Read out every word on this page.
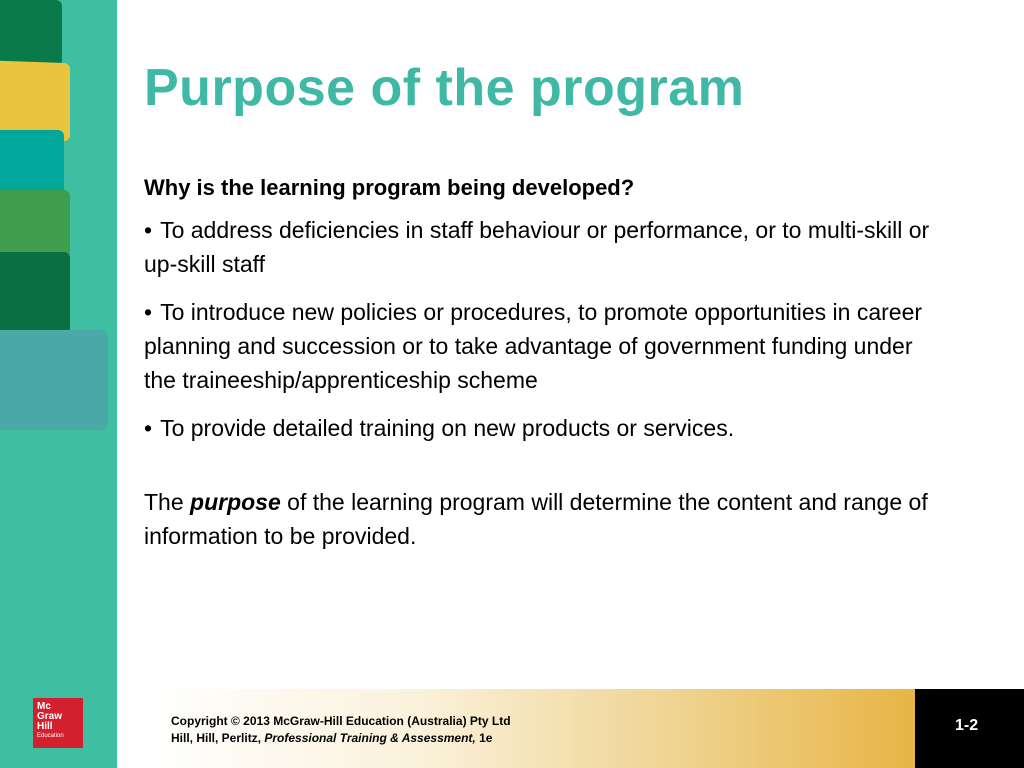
Mc
Graw
Hill
Education
Purpose of the program

Why is the learning program being developed?

• To address deficiencies in staff behaviour or performance, or to multi-skill or up-skill staff

• To introduce new policies or procedures, to promote opportunities in career planning and succession or to take advantage of government funding under the traineeship/apprenticeship scheme

• To provide detailed training on new products or services.

The purpose of the learning program will determine the content and range of information to be provided.

Copyright © 2013 McGraw-Hill Education (Australia) Pty Ltd
Hill, Hill, Perlitz, Professional Training & Assessment, 1e
1-2
